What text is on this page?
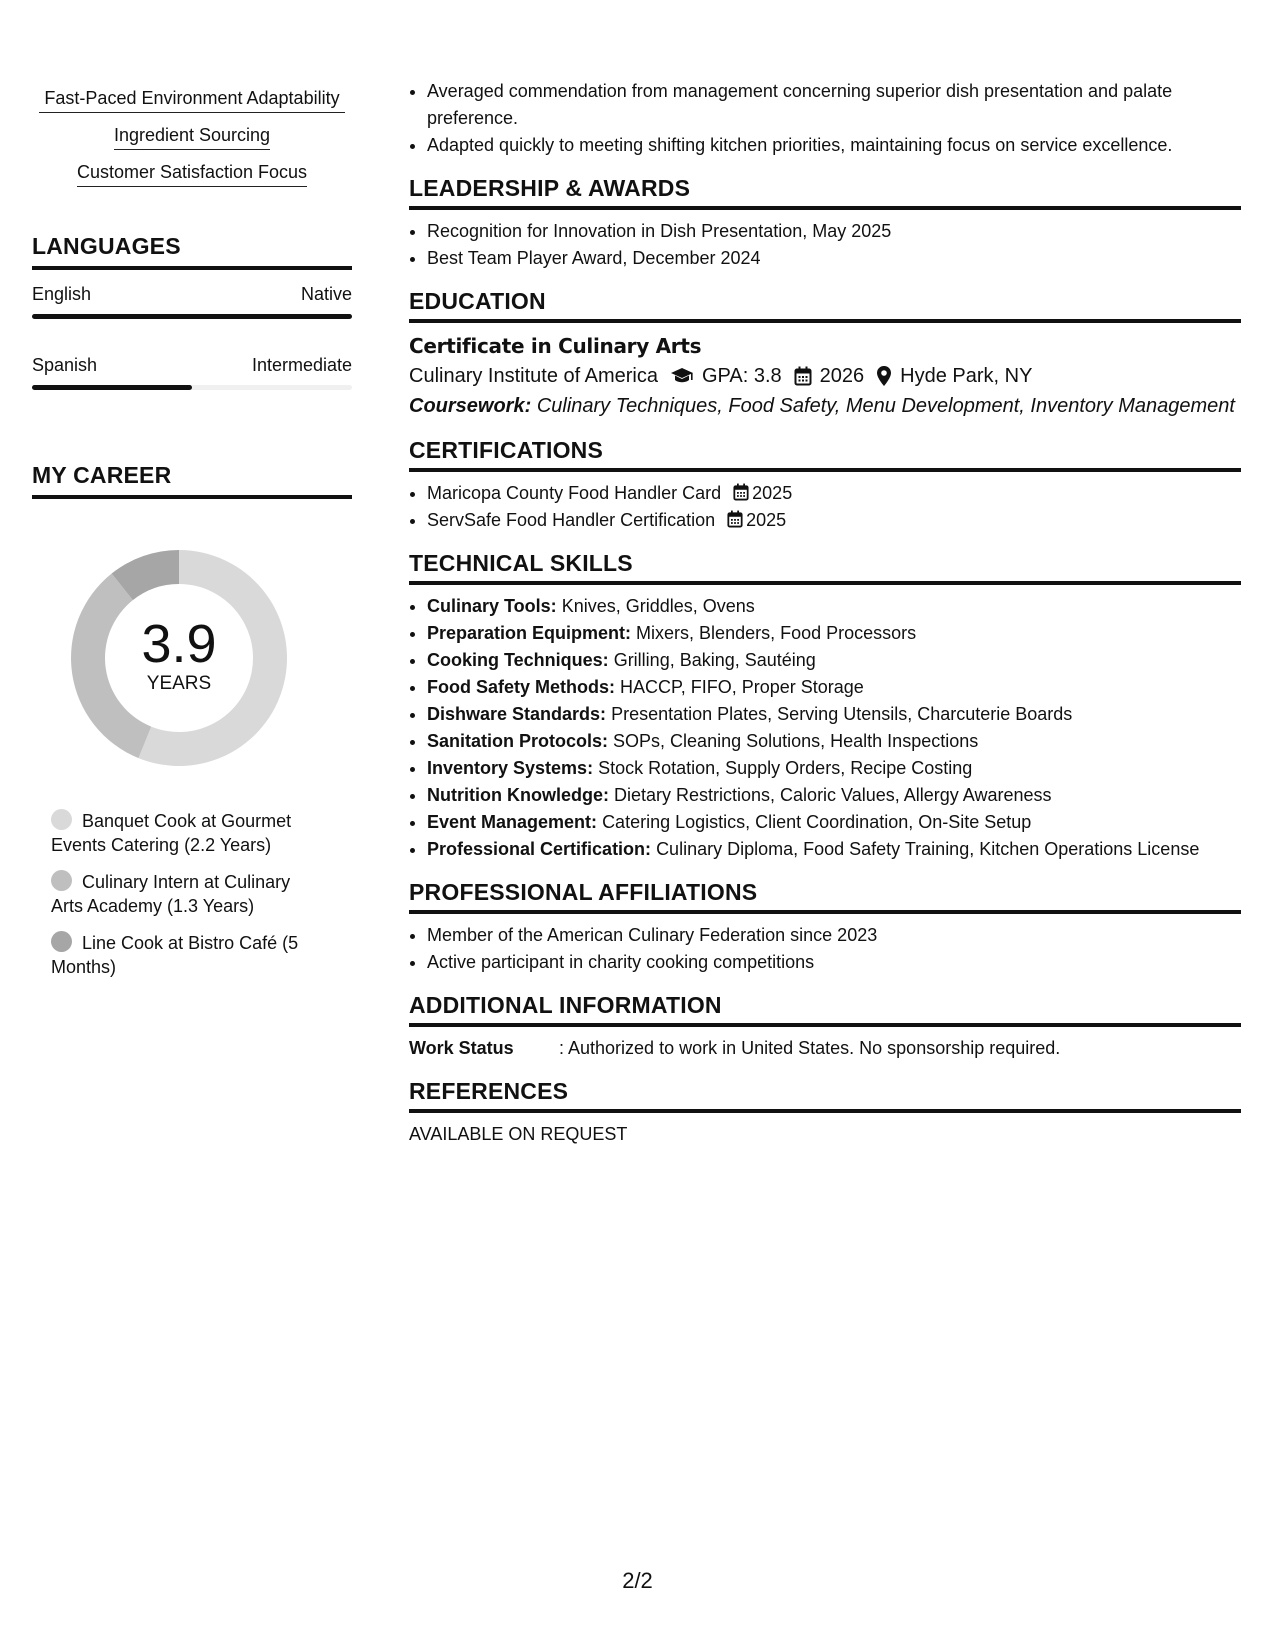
Fast-Paced Environment Adaptability
Ingredient Sourcing
Customer Satisfaction Focus
LANGUAGES
English	Native
Spanish	Intermediate
MY CAREER
3.9
YEARS
Banquet Cook at Gourmet Events Catering (2.2 Years)
Culinary Intern at Culinary Arts Academy (1.3 Years)
Line Cook at Bistro Café (5 Months)
• Averaged commendation from management concerning superior dish presentation and palate preference.
• Adapted quickly to meeting shifting kitchen priorities, maintaining focus on service excellence.
LEADERSHIP & AWARDS
• Recognition for Innovation in Dish Presentation, May 2025
• Best Team Player Award, December 2024
EDUCATION
Certificate in Culinary Arts
Culinary Institute of America GPA: 3.8 2026 Hyde Park, NY
Coursework: Culinary Techniques, Food Safety, Menu Development, Inventory Management
CERTIFICATIONS
• Maricopa County Food Handler Card 2025
• ServSafe Food Handler Certification 2025
TECHNICAL SKILLS
• Culinary Tools: Knives, Griddles, Ovens
• Preparation Equipment: Mixers, Blenders, Food Processors
• Cooking Techniques: Grilling, Baking, Sautéing
• Food Safety Methods: HACCP, FIFO, Proper Storage
• Dishware Standards: Presentation Plates, Serving Utensils, Charcuterie Boards
• Sanitation Protocols: SOPs, Cleaning Solutions, Health Inspections
• Inventory Systems: Stock Rotation, Supply Orders, Recipe Costing
• Nutrition Knowledge: Dietary Restrictions, Caloric Values, Allergy Awareness
• Event Management: Catering Logistics, Client Coordination, On-Site Setup
• Professional Certification: Culinary Diploma, Food Safety Training, Kitchen Operations License
PROFESSIONAL AFFILIATIONS
• Member of the American Culinary Federation since 2023
• Active participant in charity cooking competitions
ADDITIONAL INFORMATION
Work Status	: Authorized to work in United States. No sponsorship required.
REFERENCES
AVAILABLE ON REQUEST
2/2
